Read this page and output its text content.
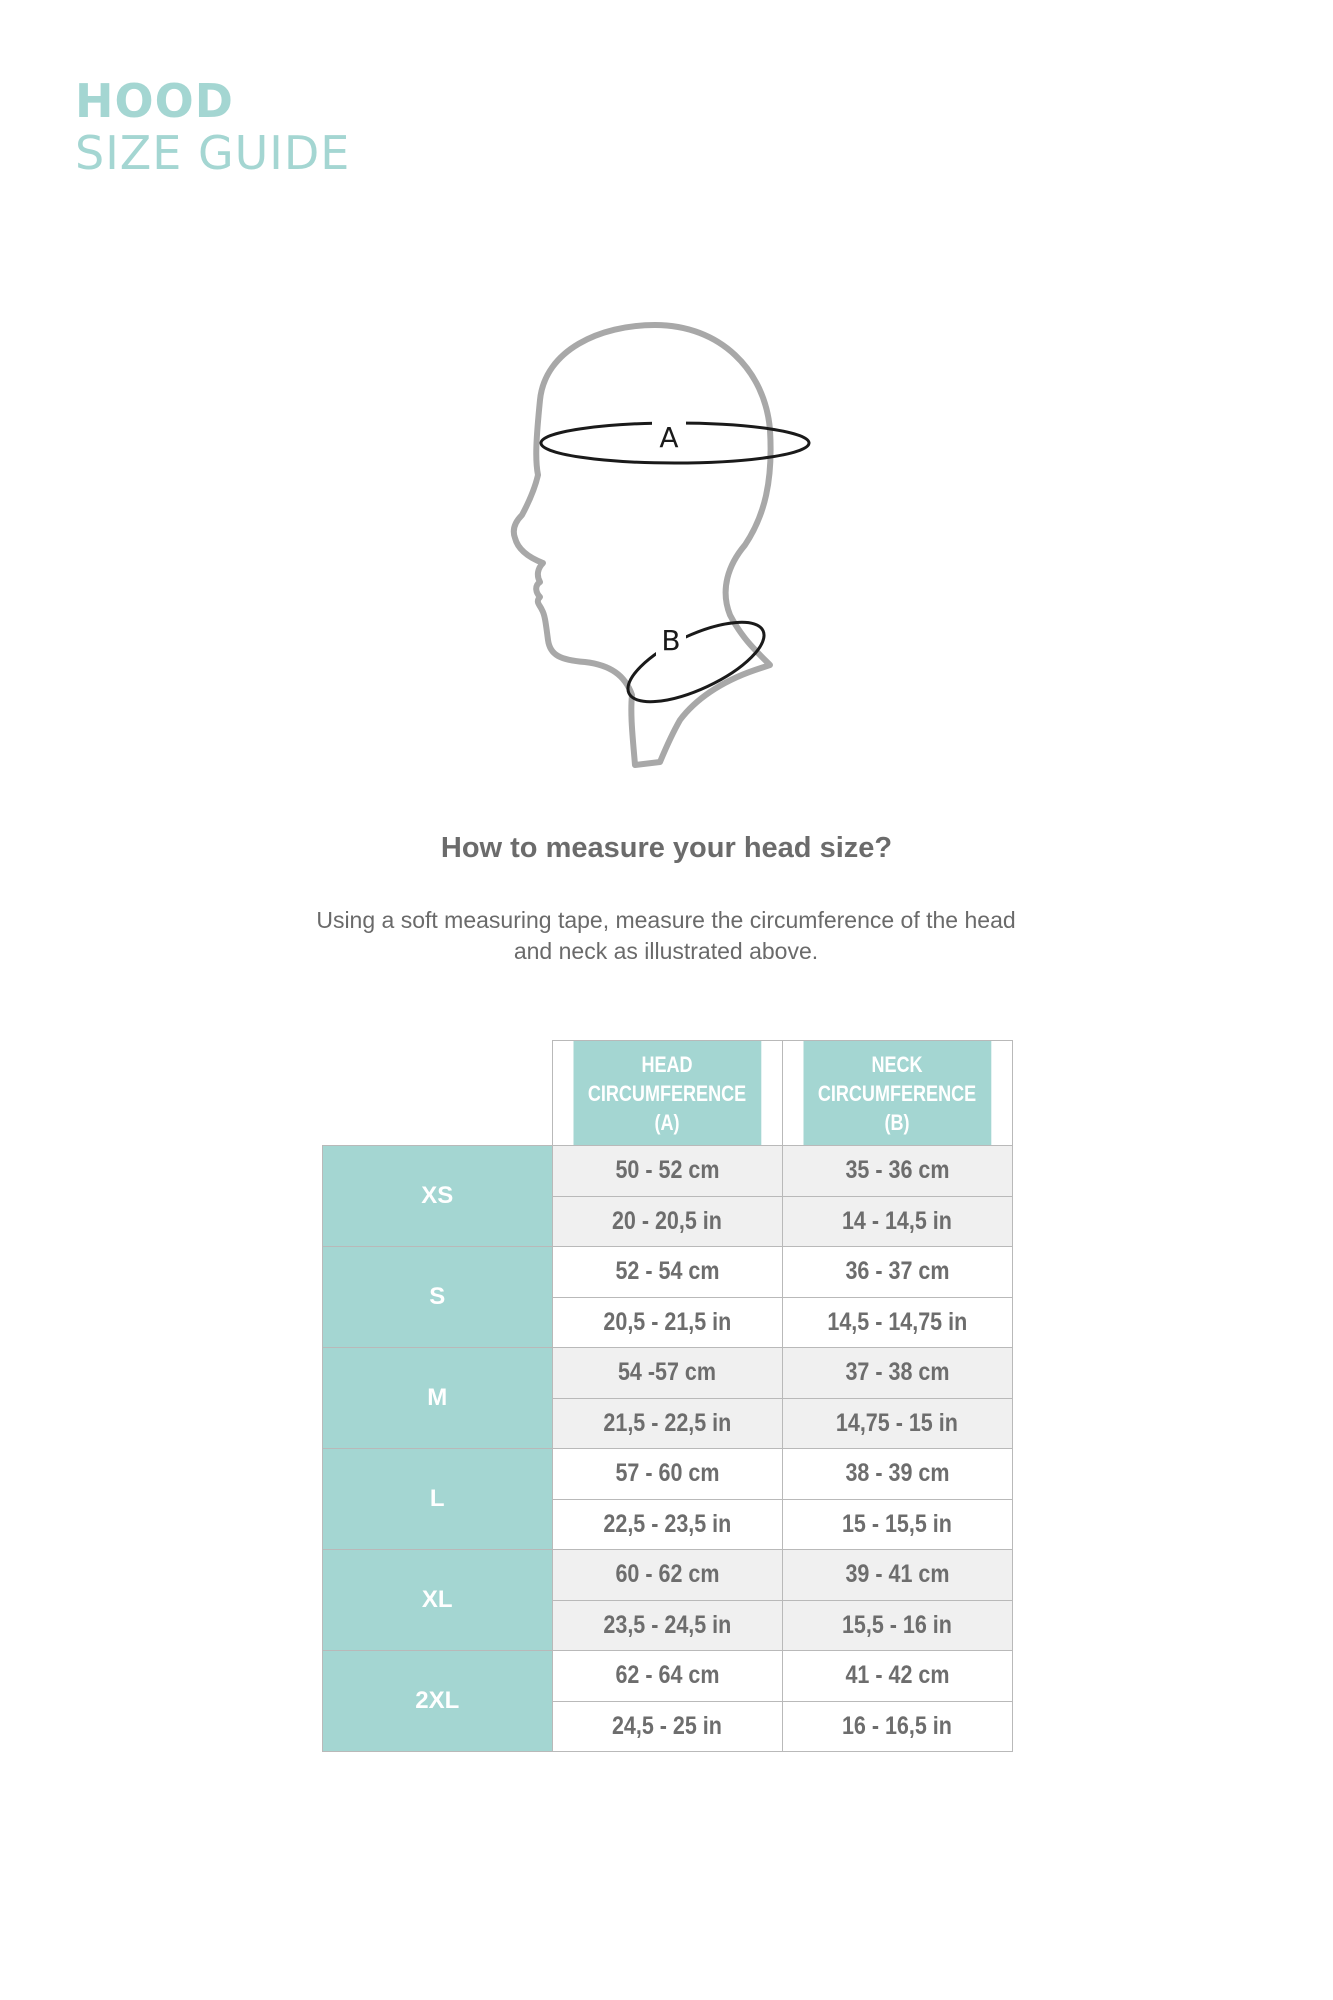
HOOD
SIZE GUIDE
A
B
How to measure your head size?
Using a soft measuring tape, measure the circumference of the head
and neck as illustrated above.

	HEAD
CIRCUMFERENCE (A)	NECK
CIRCUMFERENCE (B)

XS	50 - 52 cm	35 - 36 cm
	20 - 20,5 in	14 - 14,5 in
S	52 - 54 cm	36 - 37 cm
	20,5 - 21,5 in	14,5 - 14,75 in
M	54 -57 cm	37 - 38 cm
	21,5 - 22,5 in	14,75 - 15 in
L	57 - 60 cm	38 - 39 cm
	22,5 - 23,5 in	15 - 15,5 in
XL	60 - 62 cm	39 - 41 cm
	23,5 - 24,5 in	15,5 - 16 in
2XL	62 - 64 cm	41 - 42 cm
	24,5 - 25 in	16 - 16,5 in
